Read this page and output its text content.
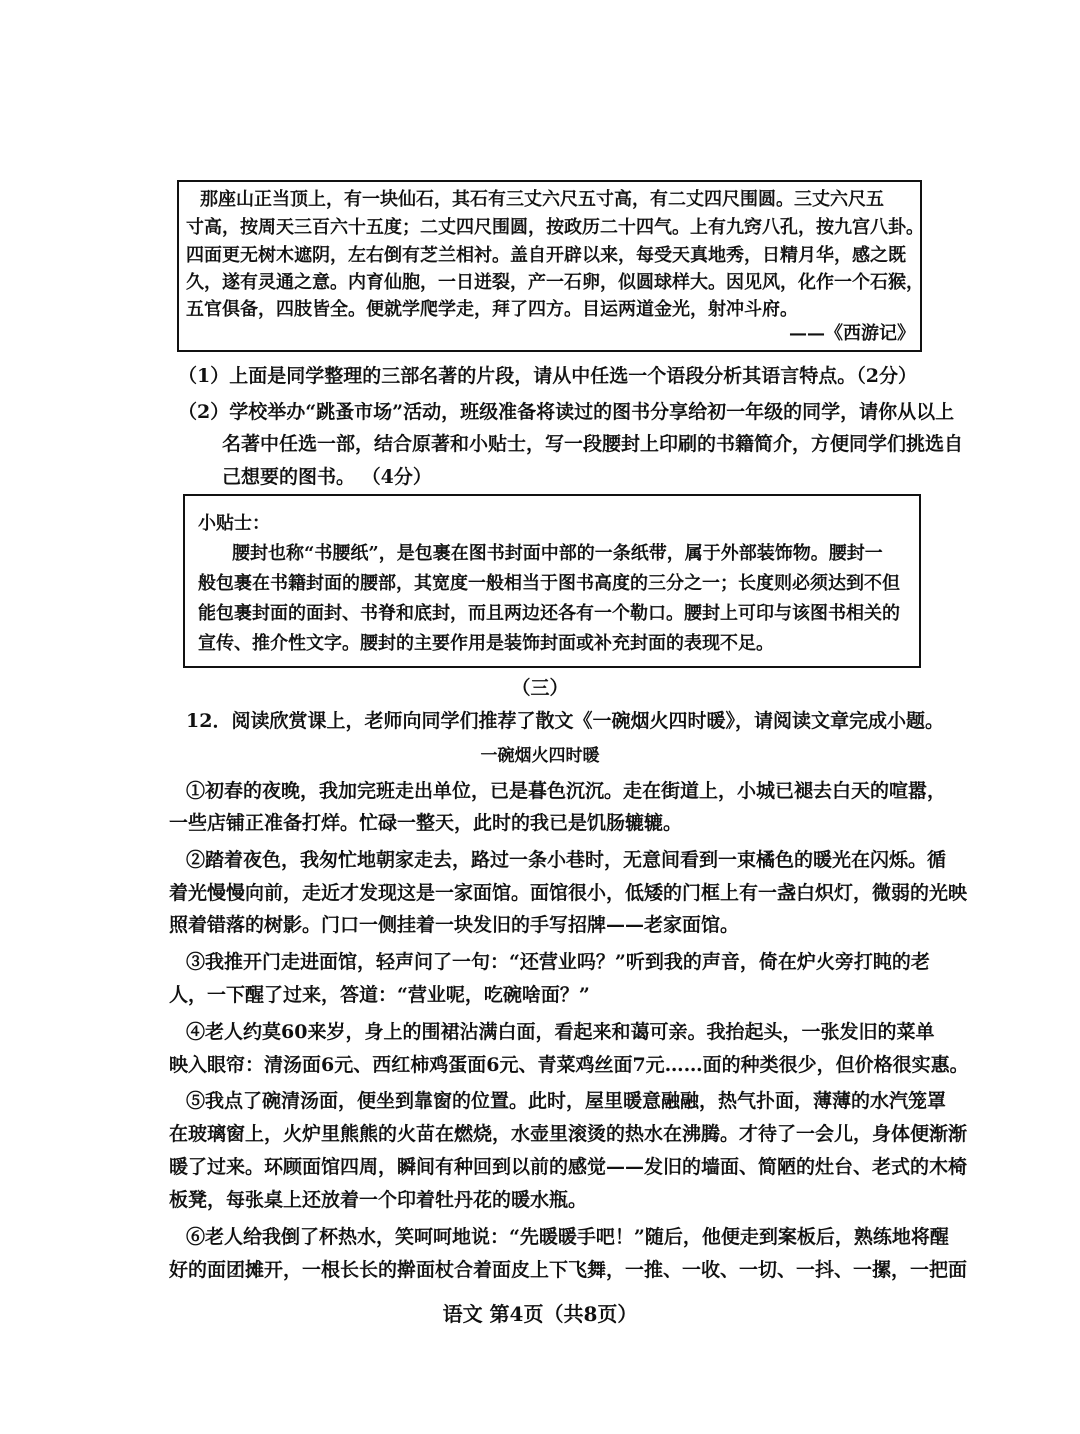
那座山正当顶上，有一块仙石，其石有三丈六尺五寸高，有二丈四尺围圆。三丈六尺五
寸高，按周天三百六十五度；二丈四尺围圆，按政历二十四气。上有九窍八孔，按九宫八卦。
四面更无树木遮阴，左右倒有芝兰相衬。盖自开辟以来，每受天真地秀，日精月华，感之既
久，遂有灵通之意。内育仙胞，一日迸裂，产一石卵，似圆球样大。因见风，化作一个石猴，
五官俱备，四肢皆全。便就学爬学走，拜了四方。目运两道金光，射冲斗府。
——《西游记》
（1）上面是同学整理的三部名著的片段，请从中任选一个语段分析其语言特点。（2分）
（2）学校举办“跳蚤市场”活动，班级准备将读过的图书分享给初一年级的同学，请你从以上
名著中任选一部，结合原著和小贴士，写一段腰封上印刷的书籍简介，方便同学们挑选自
己想要的图书。 （4分）
小贴士：
腰封也称“书腰纸”，是包裹在图书封面中部的一条纸带，属于外部装饰物。腰封一
般包裹在书籍封面的腰部，其宽度一般相当于图书高度的三分之一；长度则必须达到不但
能包裹封面的面封、书脊和底封，而且两边还各有一个勒口。腰封上可印与该图书相关的
宣传、推介性文字。腰封的主要作用是装饰封面或补充封面的表现不足。
（三）
12．阅读欣赏课上，老师向同学们推荐了散文《一碗烟火四时暖》，请阅读文章完成小题。
一碗烟火四时暖
①初春的夜晚，我加完班走出单位，已是暮色沉沉。走在街道上，小城已褪去白天的喧嚣，
一些店铺正准备打烊。忙碌一整天，此时的我已是饥肠辘辘。
②踏着夜色，我匆忙地朝家走去，路过一条小巷时，无意间看到一束橘色的暖光在闪烁。循
着光慢慢向前，走近才发现这是一家面馆。面馆很小，低矮的门框上有一盏白炽灯，微弱的光映
照着错落的树影。门口一侧挂着一块发旧的手写招牌——老家面馆。
③我推开门走进面馆，轻声问了一句：“还营业吗？”听到我的声音，倚在炉火旁打盹的老
人，一下醒了过来，答道：“营业呢，吃碗啥面？”
④老人约莫60来岁，身上的围裙沾满白面，看起来和蔼可亲。我抬起头，一张发旧的菜单
映入眼帘：清汤面6元、西红柿鸡蛋面6元、青菜鸡丝面7元……面的种类很少，但价格很实惠。
⑤我点了碗清汤面，便坐到靠窗的位置。此时，屋里暖意融融，热气扑面，薄薄的水汽笼罩
在玻璃窗上，火炉里熊熊的火苗在燃烧，水壶里滚烫的热水在沸腾。才待了一会儿，身体便渐渐
暖了过来。环顾面馆四周，瞬间有种回到以前的感觉——发旧的墙面、简陋的灶台、老式的木椅
板凳，每张桌上还放着一个印着牡丹花的暖水瓶。
⑥老人给我倒了杯热水，笑呵呵地说：“先暖暖手吧！”随后，他便走到案板后，熟练地将醒
好的面团摊开，一根长长的擀面杖合着面皮上下飞舞，一推、一收、一切、一抖、一摞，一把面
语文 第4页（共8页）
